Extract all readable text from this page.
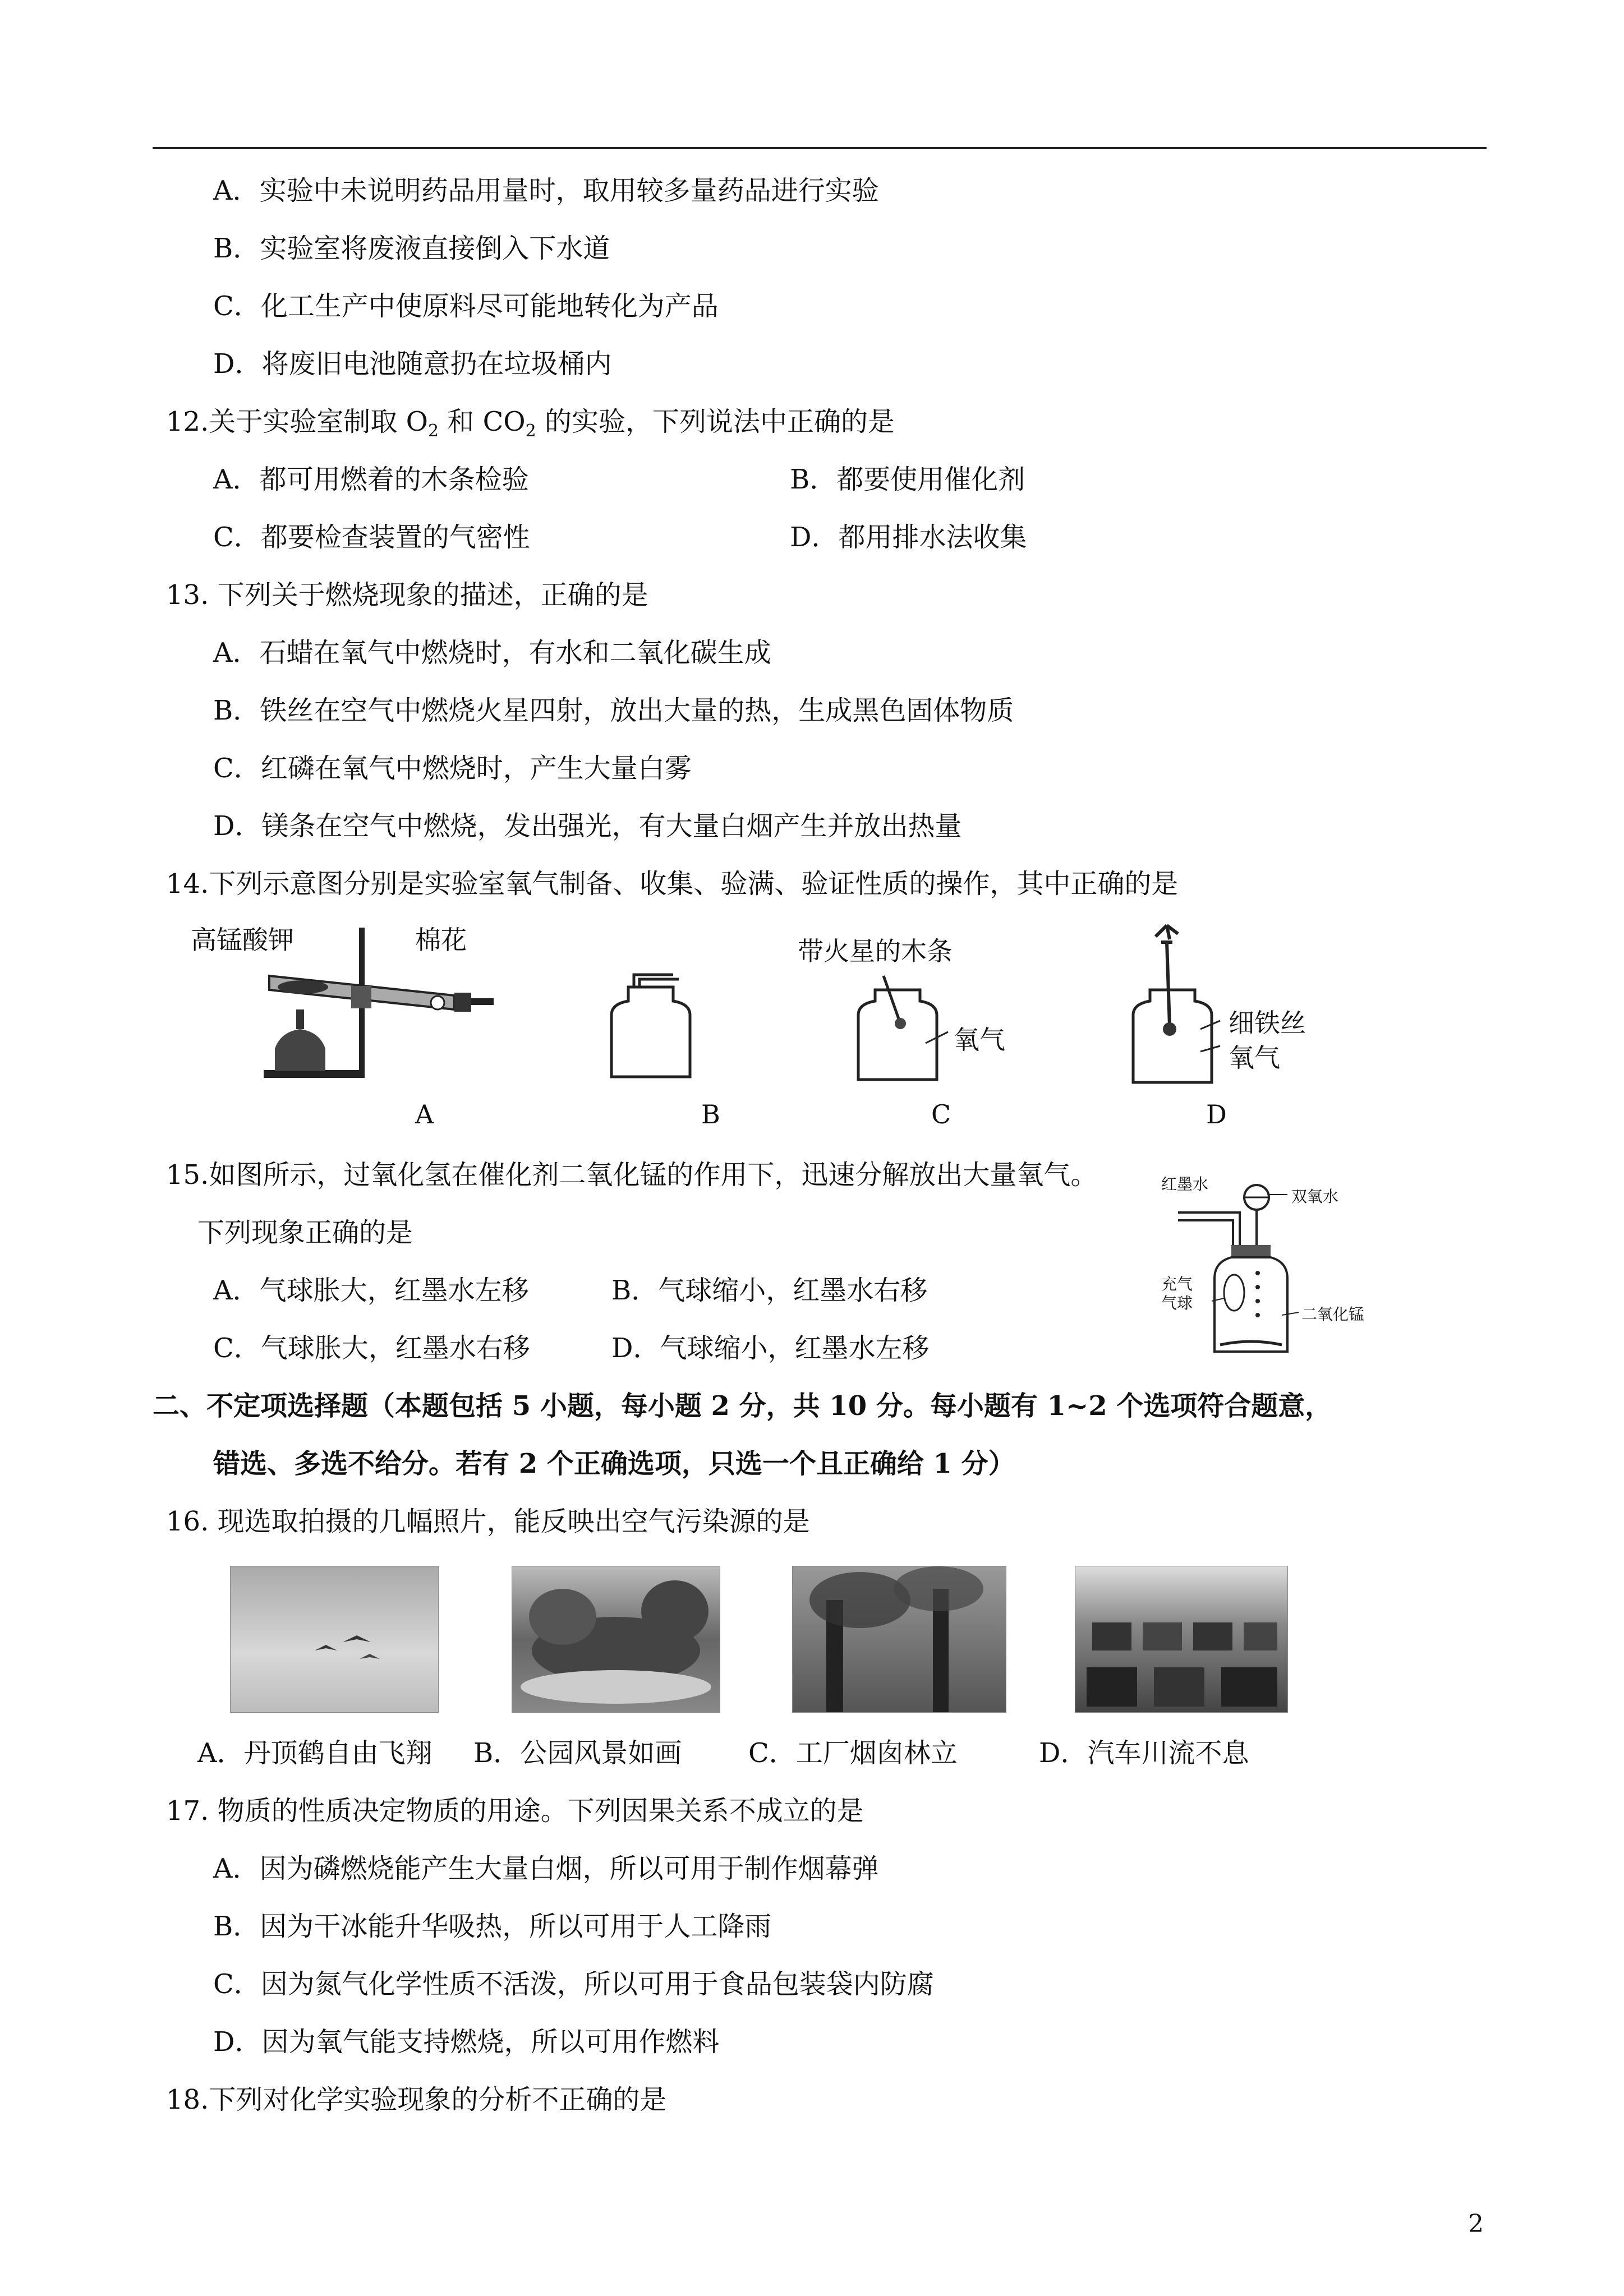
A．实验中未说明药品用量时，取用较多量药品进行实验
B．实验室将废液直接倒入下水道
C．化工生产中使原料尽可能地转化为产品
D．将废旧电池随意扔在垃圾桶内
12.关于实验室制取 $O_2$ 和 $CO_2$ 的实验，下列说法中正确的是
A．都可用燃着的木条检验	B．都要使用催化剂
C．都要检查装置的气密性	D．都用排水法收集
13. 下列关于燃烧现象的描述，正确的是
A．石蜡在氧气中燃烧时，有水和二氧化碳生成
B．铁丝在空气中燃烧火星四射，放出大量的热，生成黑色固体物质
C．红磷在氧气中燃烧时，产生大量白雾
D．镁条在空气中燃烧，发出强光，有大量白烟产生并放出热量
14.下列示意图分别是实验室氧气制备、收集、验满、验证性质的操作，其中正确的是
高锰酸钾	棉花	带火星的木条
氧气
细铁丝
氧气
A	B	C	D
15.如图所示，过氧化氢在催化剂二氧化锰的作用下，迅速分解放出大量氧气。
下列现象正确的是
A．气球胀大，红墨水左移	B．气球缩小，红墨水右移
C．气球胀大，红墨水右移	D．气球缩小，红墨水左移
红墨水
双氧水
充气
气球
二氧化锰
二、不定项选择题（本题包括 5 小题，每小题 2 分，共 10 分。每小题有 1~2 个选项符合题意，
错选、多选不给分。若有 2 个正确选项，只选一个且正确给 1 分）
16. 现选取拍摄的几幅照片，能反映出空气污染源的是
A．丹顶鹤自由飞翔 B．公园风景如画 C．工厂烟囱林立	D．汽车川流不息
17. 物质的性质决定物质的用途。下列因果关系不成立的是
A．因为磷燃烧能产生大量白烟，所以可用于制作烟幕弹
B．因为干冰能升华吸热，所以可用于人工降雨
C．因为氮气化学性质不活泼，所以可用于食品包装袋内防腐
D．因为氧气能支持燃烧，所以可用作燃料
18.下列对化学实验现象的分析不正确的是
2
